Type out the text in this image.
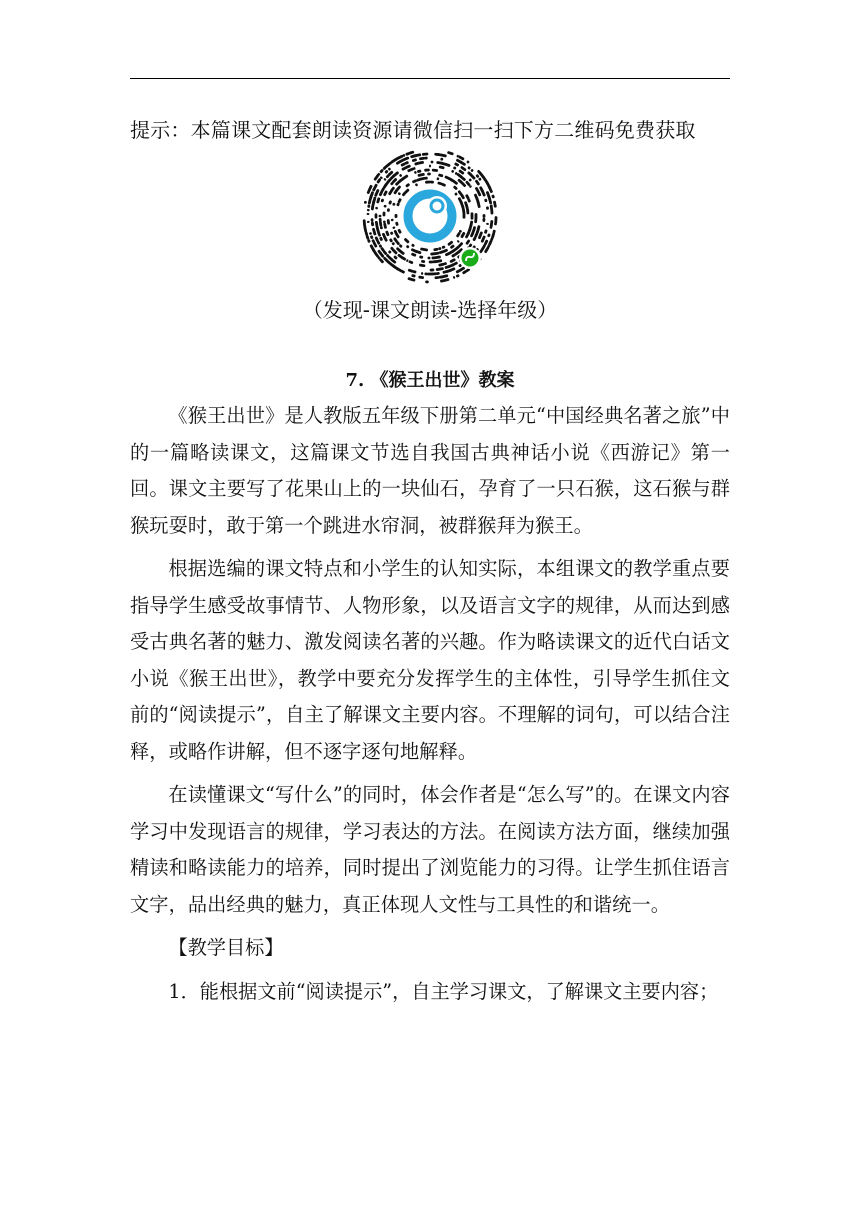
提示：本篇课文配套朗读资源请微信扫一扫下方二维码免费获取
（发现-课文朗读-选择年级）
7. 《猴王出世》教案

《猴王出世》是人教版五年级下册第二单元“中国经典名著之旅”中的一篇略读课文，这篇课文节选自我国古典神话小说《西游记》第一回。课文主要写了花果山上的一块仙石，孕育了一只石猴，这石猴与群猴玩耍时，敢于第一个跳进水帘洞，被群猴拜为猴王。

根据选编的课文特点和小学生的认知实际，本组课文的教学重点要指导学生感受故事情节、人物形象，以及语言文字的规律，从而达到感受古典名著的魅力、激发阅读名著的兴趣。作为略读课文的近代白话文小说《猴王出世》，教学中要充分发挥学生的主体性，引导学生抓住文前的“阅读提示”，自主了解课文主要内容。不理解的词句，可以结合注释，或略作讲解，但不逐字逐句地解释。

在读懂课文“写什么”的同时，体会作者是“怎么写”的。在课文内容学习中发现语言的规律，学习表达的方法。在阅读方法方面，继续加强精读和略读能力的培养，同时提出了浏览能力的习得。让学生抓住语言文字，品出经典的魅力，真正体现人文性与工具性的和谐统一。

【教学目标】

1．能根据文前“阅读提示”，自主学习课文，了解课文主要内容；
